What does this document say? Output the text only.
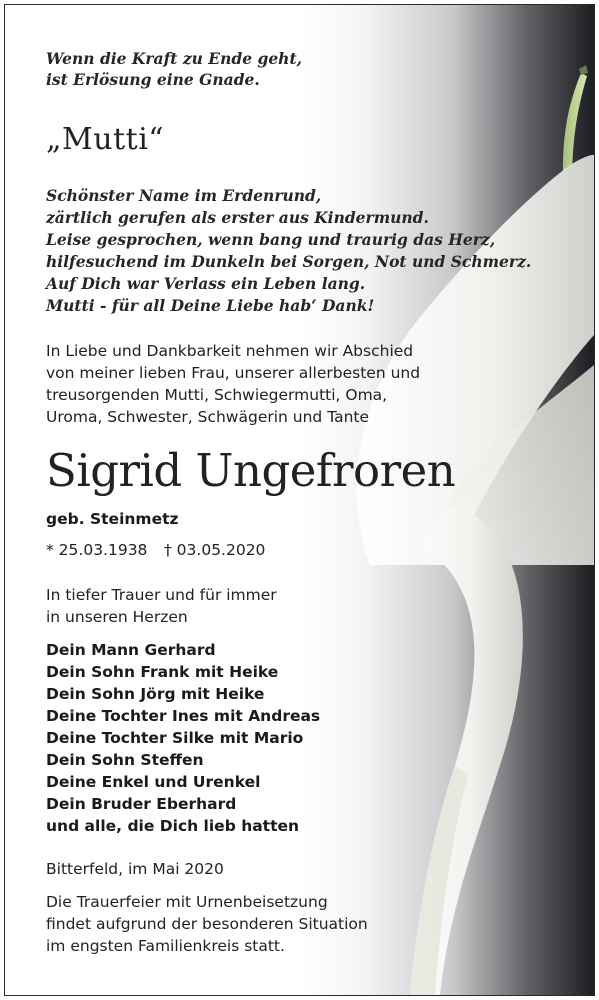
Wenn die Kraft zu Ende geht,
ist Erlösung eine Gnade.
„Mutti“
Schönster Name im Erdenrund,
zärtlich gerufen als erster aus Kindermund.
Leise gesprochen, wenn bang und traurig das Herz,
hilfesuchend im Dunkeln bei Sorgen, Not und Schmerz.
Auf Dich war Verlass ein Leben lang.
Mutti - für all Deine Liebe hab‘ Dank!
In Liebe und Dankbarkeit nehmen wir Abschied
von meiner lieben Frau, unserer allerbesten und
treusorgenden Mutti, Schwiegermutti, Oma,
Uroma, Schwester, Schwägerin und Tante
Sigrid Ungefroren
geb. Steinmetz
* 25.03.1938 † 03.05.2020
In tiefer Trauer und für immer
in unseren Herzen
Dein Mann Gerhard
Dein Sohn Frank mit Heike
Dein Sohn Jörg mit Heike
Deine Tochter Ines mit Andreas
Deine Tochter Silke mit Mario
Dein Sohn Steffen
Deine Enkel und Urenkel
Dein Bruder Eberhard
und alle, die Dich lieb hatten
Bitterfeld, im Mai 2020
Die Trauerfeier mit Urnenbeisetzung
findet aufgrund der besonderen Situation
im engsten Familienkreis statt.
